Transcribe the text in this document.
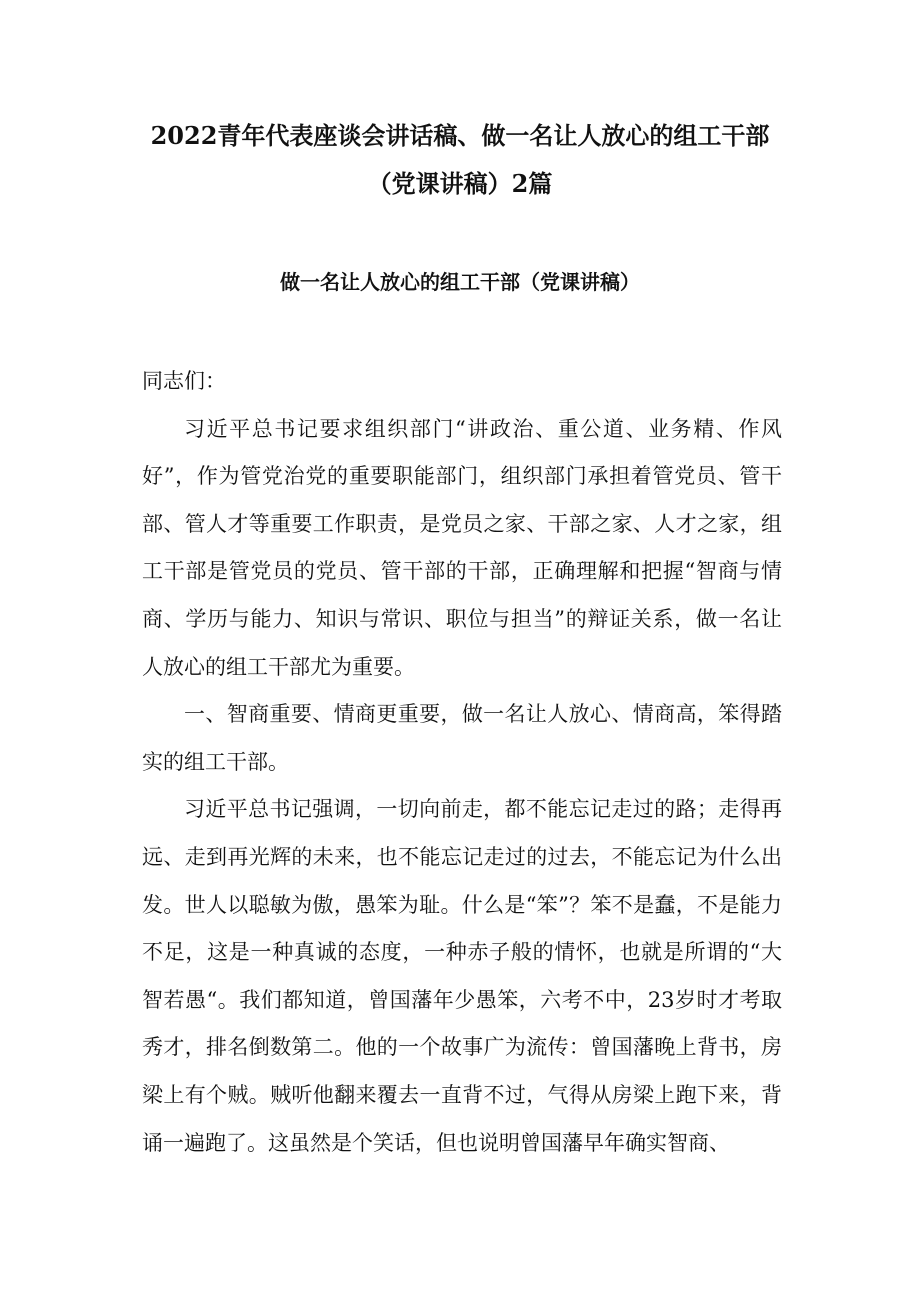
2022青年代表座谈会讲话稿、做一名让人放心的组工干部
（党课讲稿）2篇
做一名让人放心的组工干部（党课讲稿）

同志们：

习近平总书记要求组织部门“讲政治、重公道、业务精、作风好”，作为管党治党的重要职能部门，组织部门承担着管党员、管干部、管人才等重要工作职责，是党员之家、干部之家、人才之家，组工干部是管党员的党员、管干部的干部，正确理解和把握“智商与情商、学历与能力、知识与常识、职位与担当”的辩证关系，做一名让人放心的组工干部尤为重要。

一、智商重要、情商更重要，做一名让人放心、情商高，笨得踏实的组工干部。

习近平总书记强调，一切向前走，都不能忘记走过的路；走得再远、走到再光辉的未来，也不能忘记走过的过去，不能忘记为什么出发。世人以聪敏为傲，愚笨为耻。什么是“笨”？笨不是蠢，不是能力不足，这是一种真诚的态度，一种赤子般的情怀，也就是所谓的“大智若愚“。我们都知道，曾国藩年少愚笨，六考不中，23岁时才考取秀才，排名倒数第二。他的一个故事广为流传：曾国藩晚上背书，房梁上有个贼。贼听他翻来覆去一直背不过，气得从房梁上跑下来，背诵一遍跑了。这虽然是个笑话，但也说明曾国藩早年确实智商、
